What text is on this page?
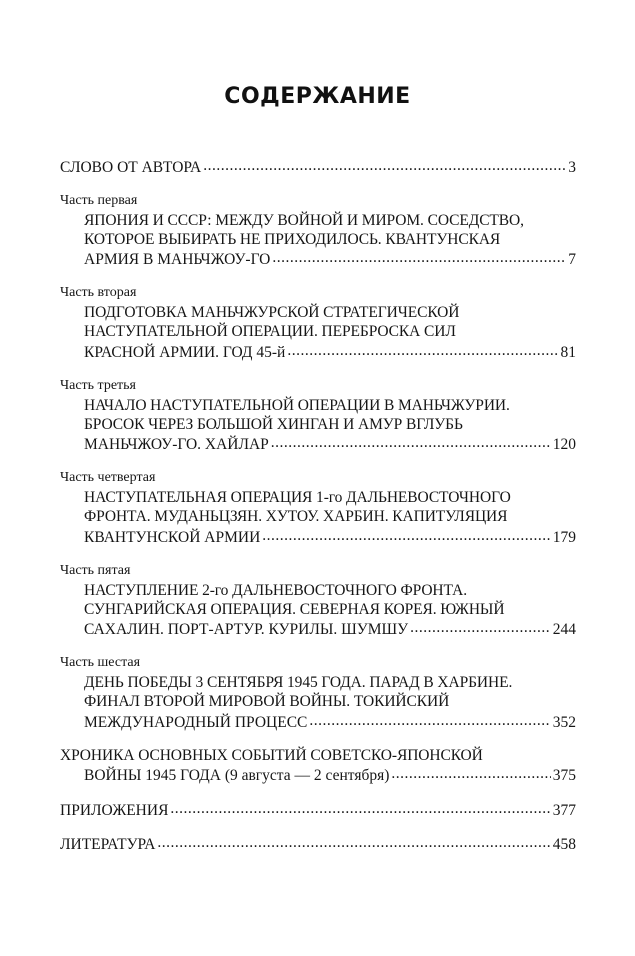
СОДЕРЖАНИЕ
СЛОВО ОТ АВТОРА .....	3
Часть первая
ЯПОНИЯ И СССР: МЕЖДУ ВОЙНОЙ И МИРОМ. СОСЕДСТВО,
КОТОРОЕ ВЫБИРАТЬ НЕ ПРИХОДИЛОСЬ. КВАНТУНСКАЯ
АРМИЯ В МАНЬЧЖОУ-ГО .....	7
Часть вторая
ПОДГОТОВКА МАНЬЧЖУРСКОЙ СТРАТЕГИЧЕСКОЙ
НАСТУПАТЕЛЬНОЙ ОПЕРАЦИИ. ПЕРЕБРОСКА СИЛ
КРАСНОЙ АРМИИ. ГОД 45-й .....	81
Часть третья
НАЧАЛО НАСТУПАТЕЛЬНОЙ ОПЕРАЦИИ В МАНЬЧЖУРИИ.
БРОСОК ЧЕРЕЗ БОЛЬШОЙ ХИНГАН И АМУР ВГЛУБЬ
МАНЬЧЖОУ-ГО. ХАЙЛАР .....	120
Часть четвертая
НАСТУПАТЕЛЬНАЯ ОПЕРАЦИЯ 1-го ДАЛЬНЕВОСТОЧНОГО
ФРОНТА. МУДАНЬЦЗЯН. ХУТОУ. ХАРБИН. КАПИТУЛЯЦИЯ
КВАНТУНСКОЙ АРМИИ .....	179
Часть пятая
НАСТУПЛЕНИЕ 2-го ДАЛЬНЕВОСТОЧНОГО ФРОНТА.
СУНГАРИЙСКАЯ ОПЕРАЦИЯ. СЕВЕРНАЯ КОРЕЯ. ЮЖНЫЙ
САХАЛИН. ПОРТ-АРТУР. КУРИЛЫ. ШУМШУ .....	244
Часть шестая
ДЕНЬ ПОБЕДЫ 3 СЕНТЯБРЯ 1945 ГОДА. ПАРАД В ХАРБИНЕ.
ФИНАЛ ВТОРОЙ МИРОВОЙ ВОЙНЫ. ТОКИЙСКИЙ
МЕЖДУНАРОДНЫЙ ПРОЦЕСС .....	352
ХРОНИКА ОСНОВНЫХ СОБЫТИЙ СОВЕТСКО-ЯПОНСКОЙ
ВОЙНЫ 1945 ГОДА (9 августа — 2 сентября) .....	375
ПРИЛОЖЕНИЯ .....	377
ЛИТЕРАТУРА .....	458
